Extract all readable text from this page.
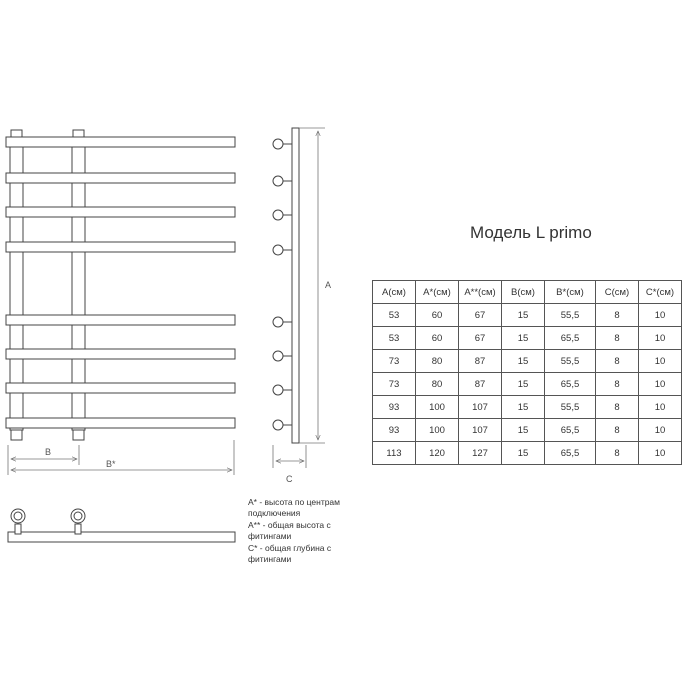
B
B*
A
C
Модель L primo
A(см)	A*(см)	A**(см)	B(см)	B*(см)	C(см)	C*(см)
53	60	67	15	55,5	8	10
53	60	67	15	65,5	8	10
73	80	87	15	55,5	8	10
73	80	87	15	65,5	8	10
93	100	107	15	55,5	8	10
93	100	107	15	65,5	8	10
113	120	127	15	65,5	8	10

A* - высота по центрам

подключения

A** - общая высота с

фитингами

C* - общая глубина с

фитингами
